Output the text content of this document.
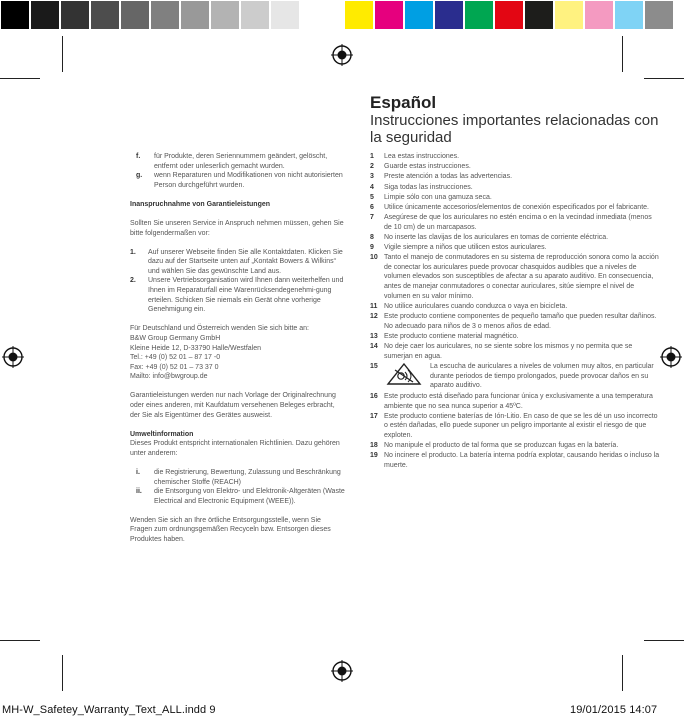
f.	für Produkte, deren Seriennummern geändert, gelöscht, entfernt oder unleserlich gemacht wurden.
g.	wenn Reparaturen und Modifikationen von nicht autorisierten Person durchgeführt wurden.
Inanspruchnahme von Garantieleistungen
Sollten Sie unseren Service in Anspruch nehmen müssen, gehen Sie bitte folgendermaßen vor:
1.	Auf unserer Webseite finden Sie alle Kontaktdaten. Klicken Sie dazu auf der Startseite unten auf „Kontakt Bowers & Wilkins“ und wählen Sie das gewünschte Land aus.
2.	Unsere Vertriebsorganisation wird Ihnen dann weiterhelfen und Ihnen im Reparaturfall eine Warenrücksendegenehmi-gung erteilen. Schicken Sie niemals ein Gerät ohne vorherige Genehmigung ein.
Für Deutschland und Österreich wenden Sie sich bitte an:
B&W Group Germany GmbH
Kleine Heide 12, D-33790 Halle/Westfalen
Tel.: +49 (0) 52 01 – 87 17 -0
Fax: +49 (0) 52 01 – 73 37 0
Mailto: info@bwgroup.de
Garantieleistungen werden nur nach Vorlage der Originalrechnung oder eines anderen, mit Kaufdatum versehenen Beleges erbracht, der Sie als Eigentümer des Gerätes ausweist.
Umweltinformation
Dieses Produkt entspricht internationalen Richtlinien. Dazu gehören unter anderem:
i.	die Registrierung, Bewertung, Zulassung und Beschränkung chemischer Stoffe (REACH)
ii.	die Entsorgung von Elektro- und Elektronik-Altgeräten (Waste Electrical and Electronic Equipment (WEEE)).
Wenden Sie sich an Ihre örtliche Entsorgungsstelle, wenn Sie Fragen zum ordnungsgemäßen Recyceln bzw. Entsorgen dieses Produktes haben.
Español
Instrucciones importantes relacionadas con la seguridad
1	Lea estas instrucciones.
2	Guarde estas instrucciones.
3	Preste atención a todas las advertencias.
4	Siga todas las instrucciones.
5	Limpie sólo con una gamuza seca.
6	Utilice únicamente accesorios/elementos de conexión especificados por el fabricante.
7	Asegúrese de que los auriculares no estén encima o en la vecindad inmediata (menos de 10 cm) de un marcapasos.
8	No inserte las clavijas de los auriculares en tomas de corriente eléctrica.
9	Vigile siempre a niños que utilicen estos auriculares.
10 Tanto el manejo de conmutadores en su sistema de reproducción sonora como la acción de conectar los auriculares puede provocar chasquidos audibles que a niveles de volumen elevados son susceptibles de afectar a su aparato auditivo. En consecuencia, antes de manejar conmutadores o conectar auriculares, sitúe siempre el nivel de volumen en su valor mínimo.
11 No utilice auriculares cuando conduzca o vaya en bicicleta.
12 Este producto contiene componentes de pequeño tamaño que pueden resultar dañinos. No adecuado para niños de 3 o menos años de edad.
13 Este producto contiene material magnético.
14 No deje caer los auriculares, no se siente sobre los mismos y no permita que se sumerjan en agua.
15	La escucha de auriculares a niveles de volumen muy altos, en particular durante periodos de tiempo prolongados, puede provocar daños en su aparato auditivo.
16 Este producto está diseñado para funcionar única y exclusivamente a una temperatura ambiente que no sea nunca superior a 45ºC.
17 Este producto contiene baterías de Ión-Litio. En caso de que se les dé un uso incorrecto o estén dañadas, ello puede suponer un peligro importante al existir el riesgo de que exploten.
18 No manipule el producto de tal forma que se produzcan fugas en la batería.
19 No incinere el producto. La batería interna podría explotar, causando heridas o incluso la muerte.
MH-W_Safetey_Warranty_Text_ALL.indd 9	19/01/2015 14:07
